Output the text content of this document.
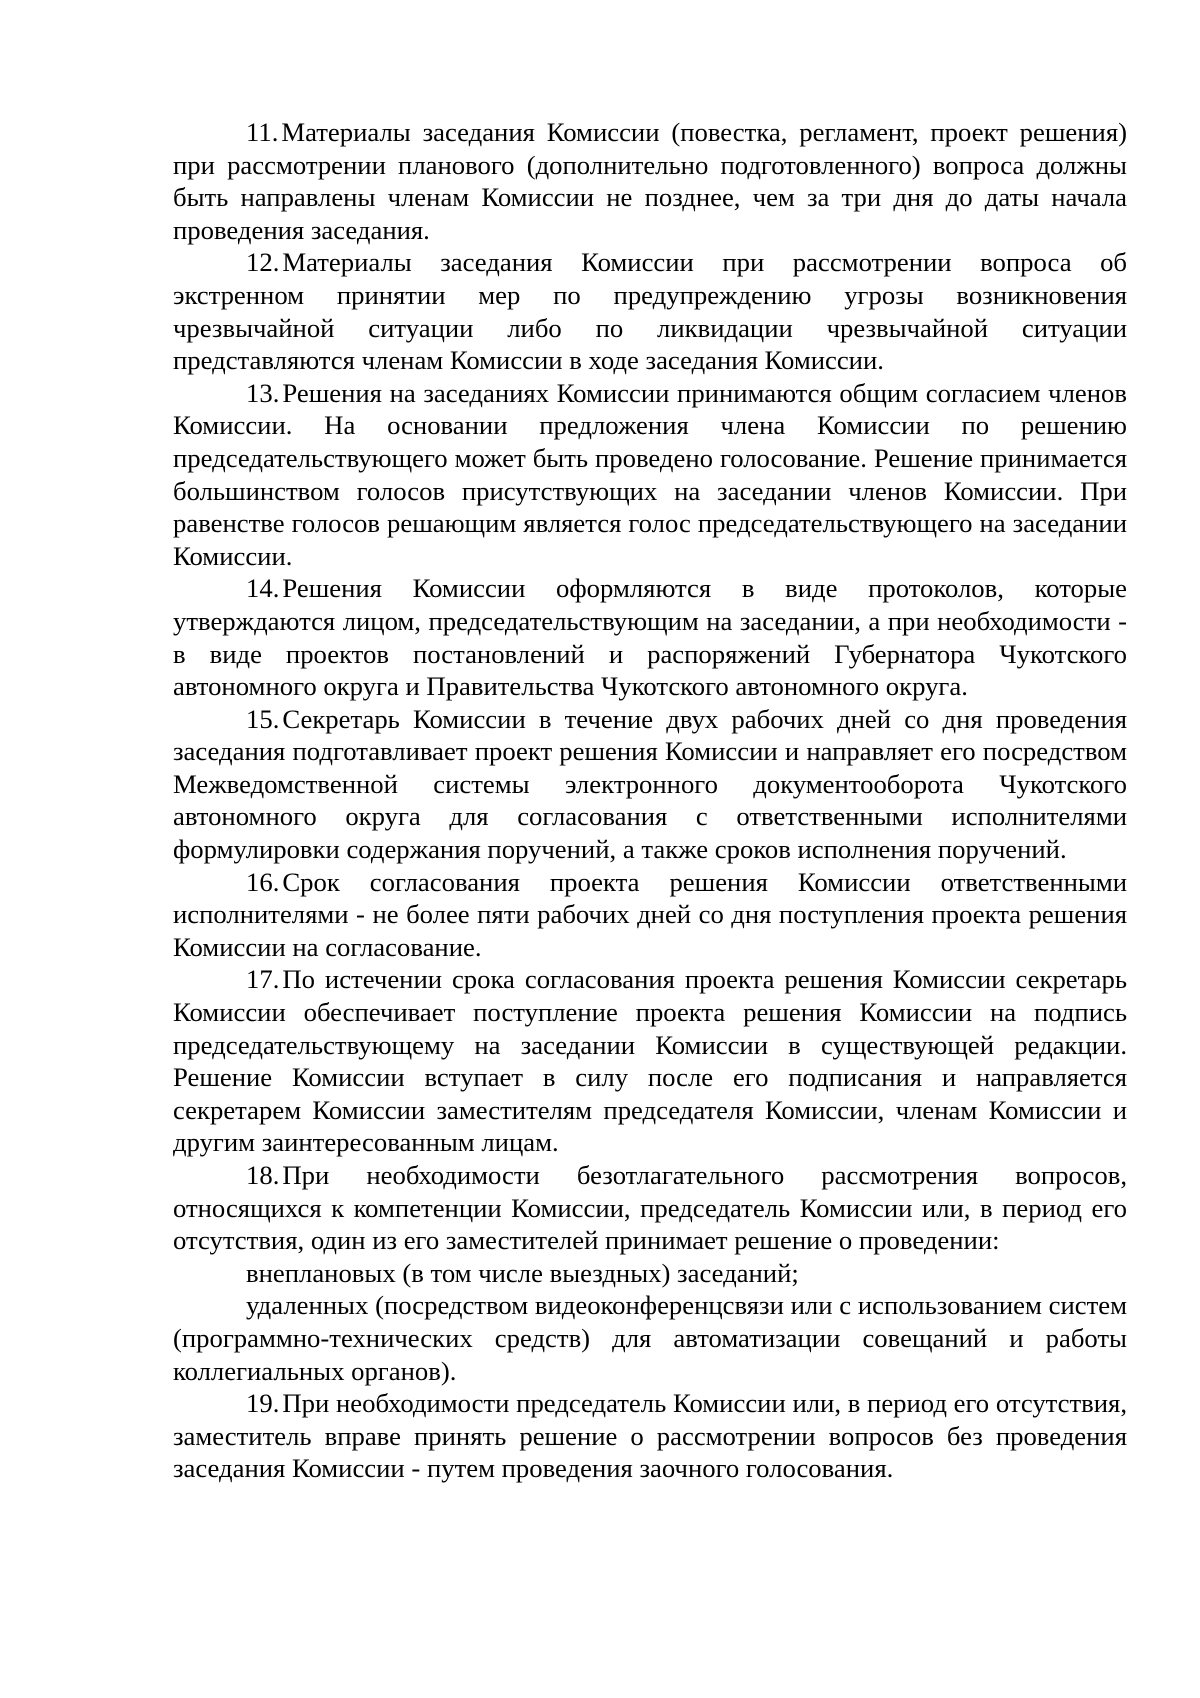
11. Материалы заседания Комиссии (повестка, регламент, проект решения) при рассмотрении планового (дополнительно подготовленного) вопроса должны быть направлены членам Комиссии не позднее, чем за три дня до даты начала проведения заседания.

12. Материалы заседания Комиссии при рассмотрении вопроса об экстренном принятии мер по предупреждению угрозы возникновения чрезвычайной ситуации либо по ликвидации чрезвычайной ситуации представляются членам Комиссии в ходе заседания Комиссии.

13. Решения на заседаниях Комиссии принимаются общим согласием членов Комиссии. На основании предложения члена Комиссии по решению председательствующего может быть проведено голосование. Решение принимается большинством голосов присутствующих на заседании членов Комиссии. При равенстве голосов решающим является голос председательствующего на заседании Комиссии.

14. Решения Комиссии оформляются в виде протоколов, которые утверждаются лицом, председательствующим на заседании, а при необходимости - в виде проектов постановлений и распоряжений Губернатора Чукотского автономного округа и Правительства Чукотского автономного округа.

15. Секретарь Комиссии в течение двух рабочих дней со дня проведения заседания подготавливает проект решения Комиссии и направляет его посредством Межведомственной системы электронного документооборота Чукотского автономного округа для согласования с ответственными исполнителями формулировки содержания поручений, а также сроков исполнения поручений.

16. Срок согласования проекта решения Комиссии ответственными исполнителями - не более пяти рабочих дней со дня поступления проекта решения Комиссии на согласование.

17. По истечении срока согласования проекта решения Комиссии секретарь Комиссии обеспечивает поступление проекта решения Комиссии на подпись председательствующему на заседании Комиссии в существующей редакции. Решение Комиссии вступает в силу после его подписания и направляется секретарем Комиссии заместителям председателя Комиссии, членам Комиссии и другим заинтересованным лицам.

18. При необходимости безотлагательного рассмотрения вопросов, относящихся к компетенции Комиссии, председатель Комиссии или, в период его отсутствия, один из его заместителей принимает решение о проведении:

внеплановых (в том числе выездных) заседаний;

удаленных (посредством видеоконференцсвязи или с использованием систем (программно-технических средств) для автоматизации совещаний и работы коллегиальных органов).

19. При необходимости председатель Комиссии или, в период его отсутствия, заместитель вправе принять решение о рассмотрении вопросов без проведения заседания Комиссии - путем проведения заочного голосования.
